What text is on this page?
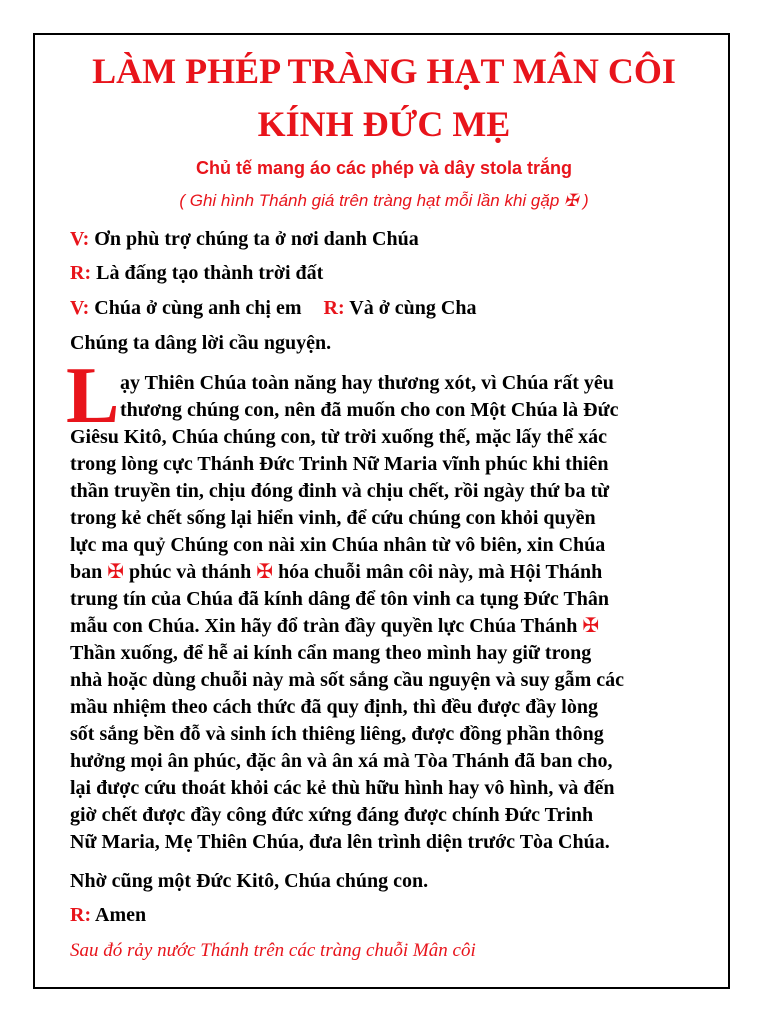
LÀM PHÉP TRÀNG HẠT MÂN CÔI
KÍNH ĐỨC MẸ

Chủ tế mang áo các phép và dây stola trắng

( Ghi hình Thánh giá trên tràng hạt mỗi lần khi gặp ✠ )

V: Ơn phù trợ chúng ta ở nơi danh Chúa

R: Là đấng tạo thành trời đất

V: Chúa ở cùng anh chị em R: Và ở cùng Cha

Chúng ta dâng lời cầu nguyện.

L ạy Thiên Chúa toàn năng hay thương xót, vì Chúa rất yêu

thương chúng con, nên đã muốn cho con Một Chúa là Đức

Giêsu Kitô, Chúa chúng con, từ trời xuống thế, mặc lấy thể xác

trong lòng cực Thánh Đức Trinh Nữ Maria vĩnh phúc khi thiên

thần truyền tin, chịu đóng đinh và chịu chết, rồi ngày thứ ba từ

trong kẻ chết sống lại hiển vinh, để cứu chúng con khỏi quyền

lực ma quỷ Chúng con nài xin Chúa nhân từ vô biên, xin Chúa

ban ✠ phúc và thánh ✠ hóa chuỗi mân côi này, mà Hội Thánh

trung tín của Chúa đã kính dâng để tôn vinh ca tụng Đức Thân

mẫu con Chúa. Xin hãy đổ tràn đầy quyền lực Chúa Thánh ✠

Thần xuống, để hễ ai kính cẩn mang theo mình hay giữ trong

nhà hoặc dùng chuỗi này mà sốt sắng cầu nguyện và suy gẫm các

mầu nhiệm theo cách thức đã quy định, thì đều được đầy lòng

sốt sắng bền đỗ và sinh ích thiêng liêng, được đồng phần thông

hưởng mọi ân phúc, đặc ân và ân xá mà Tòa Thánh đã ban cho,

lại được cứu thoát khỏi các kẻ thù hữu hình hay vô hình, và đến

giờ chết được đầy công đức xứng đáng được chính Đức Trinh

Nữ Maria, Mẹ Thiên Chúa, đưa lên trình diện trước Tòa Chúa.

Nhờ cũng một Đức Kitô, Chúa chúng con.

R: Amen

Sau đó rảy nước Thánh trên các tràng chuỗi Mân côi
